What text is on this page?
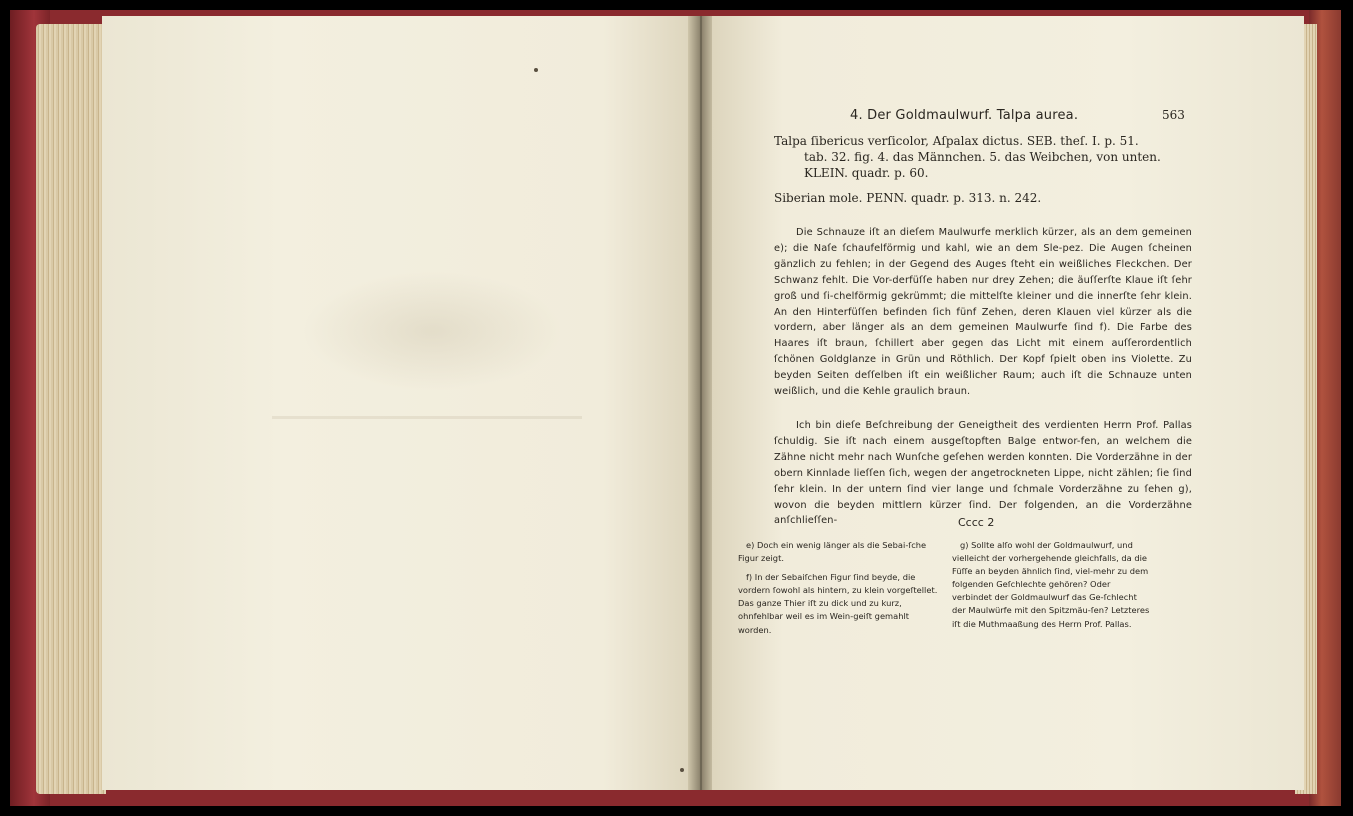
4. Der Goldmaulwurf. Talpa aurea.	563
Talpa ſibericus verſicolor, Aſpalax dictus. SEB. theſ. I. p. 51.
tab. 32. fig. 4. das Männchen. 5. das Weibchen, von unten.
KLEIN. quadr. p. 60.
Siberian mole. PENN. quadr. p. 313. n. 242.

Die Schnauze iſt an dieſem Maulwurfe merklich kürzer, als an dem gemeinen e); die Naſe ſchaufelförmig und kahl, wie an dem Sle-pez. Die Augen ſcheinen gänzlich zu fehlen; in der Gegend des Auges ſteht ein weißliches Fleckchen. Der Schwanz fehlt. Die Vor-derfüſſe haben nur drey Zehen; die äuſſerſte Klaue iſt ſehr groß und ſi-chelförmig gekrümmt; die mittelſte kleiner und die innerſte ſehr klein. An den Hinterfüſſen befinden ſich fünf Zehen, deren Klauen viel kürzer als die vordern, aber länger als an dem gemeinen Maulwurfe ſind f). Die Farbe des Haares iſt braun, ſchillert aber gegen das Licht mit einem auſſerordentlich ſchönen Goldglanze in Grün und Röthlich. Der Kopf ſpielt oben ins Violette. Zu beyden Seiten deſſelben iſt ein weißlicher Raum; auch iſt die Schnauze unten weißlich, und die Kehle graulich braun.

Ich bin dieſe Beſchreibung der Geneigtheit des verdienten Herrn Prof. Pallas ſchuldig. Sie iſt nach einem ausgeſtopften Balge entwor-fen, an welchem die Zähne nicht mehr nach Wunſche geſehen werden konnten. Die Vorderzähne in der obern Kinnlade lieſſen ſich, wegen der angetrockneten Lippe, nicht zählen; ſie ſind ſehr klein. In der untern ſind vier lange und ſchmale Vorderzähne zu ſehen g), wovon die beyden mittlern kürzer ſind. Der folgenden, an die Vorderzähne anſchlieſſen-	Cccc 2

e) Doch ein wenig länger als die Sebai-ſche Figur zeigt.

f) In der Sebaiſchen Figur ſind beyde, die vordern ſowohl als hintern, zu klein vorgeſtellet. Das ganze Thier iſt zu dick und zu kurz, ohnfehlbar weil es im Wein-geiſt gemahlt worden.

g) Sollte alſo wohl der Goldmaulwurf, und vielleicht der vorhergehende gleichfalls, da die Füſſe an beyden ähnlich ſind, viel-mehr zu dem folgenden Geſchlechte gehören? Oder verbindet der Goldmaulwurf das Ge-ſchlecht der Maulwürfe mit den Spitzmäu-ſen? Letzteres iſt die Muthmaaßung des Herrn Prof. Pallas.
